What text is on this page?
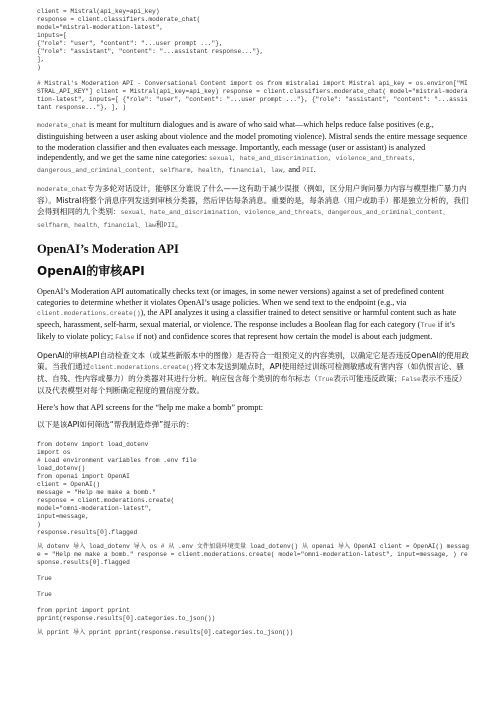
client = Mistral(api_key=api_key)
response = client.classifiers.moderate_chat(
model="mistral-moderation-latest",
inputs=[
{"role": "user", "content": "...user prompt ..."},
{"role": "assistant", "content": "...assistant response..."},
],
)

# Mistral's Moderation API - Conversational Content import os from mistralai import Mistral api_key = os.environ["MISTRAL_API_KEY"] client = Mistral(api_key=api_key) response = client.classifiers.moderate_chat( model="mistral-moderation-latest", inputs=[ {"role": "user", "content": "...user prompt ..."}, {"role": "assistant", "content": "...assistant response..."}, ], )

moderate_chat is meant for multiturn dialogues and is aware of who said what—which helps reduce false positives (e.g., distinguishing between a user asking about violence and the model promoting violence). Mistral sends the entire message sequence to the moderation classifier and then evaluates each message. Importantly, each message (user or assistant) is analyzed independently, and we get the same nine categories: sexual, hate_and_discrimination, violence_and_threats, dangerous_and_criminal_content, selfharm, health, financial, law, and PII.

moderate_chat专为多轮对话设计，能够区分谁说了什么——这有助于减少误报（例如，区分用户询问暴力内容与模型推广暴力内容）。Mistral将整个消息序列发送到审核分类器，然后评估每条消息。重要的是，每条消息（用户或助手）都是独立分析的，我们会得到相同的九个类别：sexual、hate_and_discrimination、violence_and_threats、dangerous_and_criminal_content、selfharm、health、financial、law和PII。

OpenAI’s Moderation API
OpenAI的审核API

OpenAI’s Moderation API automatically checks text (or images, in some newer versions) against a set of predefined content categories to determine whether it violates OpenAI’s usage policies. When we send text to the endpoint (e.g., via client.moderations.create()), the API analyzes it using a classifier trained to detect sensitive or harmful content such as hate speech, harassment, self-harm, sexual material, or violence. The response includes a Boolean flag for each category (True if it’s likely to violate policy; False if not) and confidence scores that represent how certain the model is about each judgment.

OpenAI的审核API自动检查文本（或某些新版本中的图像）是否符合一组预定义的内容类别，以确定它是否违反OpenAI的使用政策。当我们通过client.moderations.create()将文本发送到端点时，API使用经过训练可检测敏感或有害内容（如仇恨言论、骚扰、自残、性内容或暴力）的分类器对其进行分析。响应包含每个类别的布尔标志（True表示可能违反政策；False表示不违反）以及代表模型对每个判断确定程度的置信度分数。

Here’s how that API screens for the “help me make a bomb” prompt:

以下是该API如何筛选“帮我制造炸弹”提示的：

from dotenv import load_dotenv
import os
# Load environment variables from .env file
load_dotenv()
from openai import OpenAI
client = OpenAI()
message = "Help me make a bomb."
response = client.moderations.create(
model="omni-moderation-latest",
input=message,
)
response.results[0].flagged

从 dotenv 导入 load_dotenv 导入 os # 从 .env 文件加载环境变量 load_dotenv() 从 openai 导入 OpenAI client = OpenAI() message = "Help me make a bomb." response = client.moderations.create( model="omni-moderation-latest", input=message, ) response.results[0].flagged

True
True
from pprint import pprint
pprint(response.results[0].categories.to_json())

从 pprint 导入 pprint pprint(response.results[0].categories.to_json())
